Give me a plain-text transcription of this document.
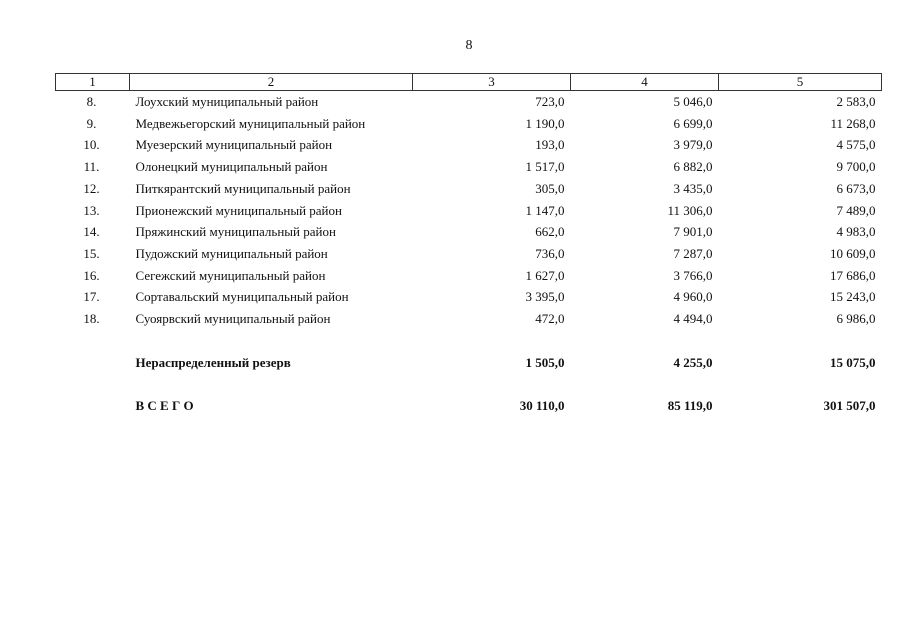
8
1	2	3	4	5
8.	Лоухский муниципальный район	723,0	5 046,0	2 583,0
9.	Медвежьегорский муниципальный район	1 190,0	6 699,0	11 268,0
10.	Муезерский муниципальный район	193,0	3 979,0	4 575,0
11.	Олонецкий муниципальный район	1 517,0	6 882,0	9 700,0
12.	Питкярантский муниципальный район	305,0	3 435,0	6 673,0
13.	Прионежский муниципальный район	1 147,0	11 306,0	7 489,0
14.	Пряжинский муниципальный район	662,0	7 901,0	4 983,0
15.	Пудожский муниципальный район	736,0	7 287,0	10 609,0
16.	Сегежский муниципальный район	1 627,0	3 766,0	17 686,0
17.	Сортавальский муниципальный район	3 395,0	4 960,0	15 243,0
18.	Суоярвский муниципальный район	472,0	4 494,0	6 986,0

	Нераспределенный резерв	1 505,0	4 255,0	15 075,0

	В С Е Г О	30 110,0	85 119,0	301 507,0
